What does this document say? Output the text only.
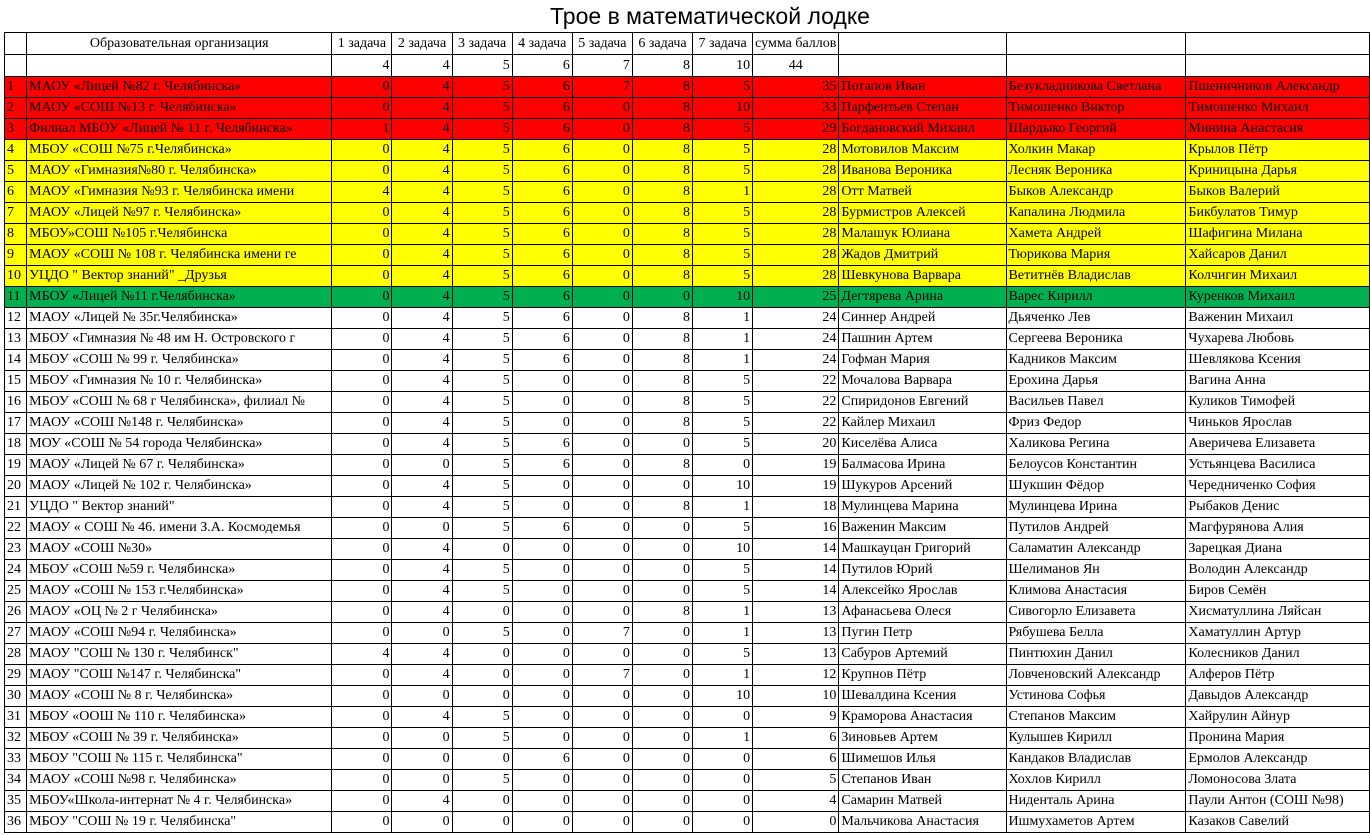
Трое в математической лодке
	Образовательная организация	1 задача	2 задача	3 задача	4 задача	5 задача	6 задача	7 задача	сумма баллов			
		4	4	5	6	7	8	10	44			
1	МАОУ «Лицей №82 г. Челябинска»	0	4	5	6	7	8	5	35	Потапов Иван	Безукладникова Светлана	Пшеничников Александр
2	МАОУ «СОШ №13 г. Челябинска»	0	4	5	6	0	8	10	33	Парфентьев Степан	Тимошенко Виктор	Тимошенко Михаил
3	Филиал МБОУ «Лицей № 11 г. Челябинска»	1	4	5	6	0	8	5	29	Богдановский Михаил	Шардыко Георгий	Минина Анастасия
4	МБОУ «СОШ №75 г.Челябинска»	0	4	5	6	0	8	5	28	Мотовилов Максим	Холкин Макар	Крылов Пётр
5	МАОУ «Гимназия№80 г. Челябинска»	0	4	5	6	0	8	5	28	Иванова Вероника	Лесняк Вероника	Криницына Дарья
6	МАОУ «Гимназия №93 г. Челябинска имени	4	4	5	6	0	8	1	28	Отт Матвей	Быков Александр	Быков Валерий
7	МАОУ «Лицей №97 г. Челябинска»	0	4	5	6	0	8	5	28	Бурмистров Алексей	Капалина Людмила	Бикбулатов Тимур
8	МБОУ»СОШ №105 г.Челябинска	0	4	5	6	0	8	5	28	Малашук Юлиана	Хамета Андрей	Шафигина Милана
9	МАОУ «СОШ № 108 г. Челябинска имени ге	0	4	5	6	0	8	5	28	Жадов Дмитрий	Тюрикова Мария	Хайсаров Данил
10	УЦДО " Вектор знаний" _Друзья	0	4	5	6	0	8	5	28	Шевкунова Варвара	Ветитнёв Владислав	Колчигин Михаил
11	МБОУ «Лицей №11 г.Челябинска»	0	4	5	6	0	0	10	25	Дегтярева Арина	Варес Кирилл	Куренков Михаил
12	МАОУ «Лицей № 35г.Челябинска»	0	4	5	6	0	8	1	24	Синнер Андрей	Дьяченко Лев	Важенин Михаил
13	МБОУ «Гимназия № 48 им Н. Островского г	0	4	5	6	0	8	1	24	Пашнин Артем	Сергеева Вероника	Чухарева Любовь
14	МБОУ «СОШ № 99 г. Челябинска»	0	4	5	6	0	8	1	24	Гофман Мария	Кадников Максим	Шевлякова Ксения
15	МБОУ «Гимназия № 10 г. Челябинска»	0	4	5	0	0	8	5	22	Мочалова Варвара	Ерохина Дарья	Вагина Анна
16	МБОУ «СОШ № 68 г Челябинска», филиал №	0	4	5	0	0	8	5	22	Спиридонов Евгений	Васильев Павел	Куликов Тимофей
17	МАОУ «СОШ №148 г. Челябинска»	0	4	5	0	0	8	5	22	Кайлер Михаил	Фриз Федор	Чиньков Ярослав
18	МОУ «СОШ № 54 города Челябинска»	0	4	5	6	0	0	5	20	Киселёва Алиса	Халикова Регина	Аверичева Елизавета
19	МАОУ «Лицей № 67 г. Челябинска»	0	0	5	6	0	8	0	19	Балмасова Ирина	Белоусов Константин	Устьянцева Василиса
20	МАОУ «Лицей № 102 г. Челябинска»	0	4	5	0	0	0	10	19	Шукуров Арсений	Шукшин Фёдор	Чередниченко София
21	УЦДО " Вектор знаний"	0	4	5	0	0	8	1	18	Мулинцева Марина	Мулинцева Ирина	Рыбаков Денис
22	МАОУ « СОШ № 46. имени З.А. Космодемья	0	0	5	6	0	0	5	16	Важенин Максим	Путилов Андрей	Магфурянова Алия
23	МАОУ «СОШ №30»	0	4	0	0	0	0	10	14	Машкауцан Григорий	Саламатин Александр	Зарецкая Диана
24	МБОУ «СОШ №59 г. Челябинска»	0	4	5	0	0	0	5	14	Путилов Юрий	Шелиманов Ян	Володин Александр
25	МАОУ «СОШ № 153 г.Челябинска»	0	4	5	0	0	0	5	14	Алексейко Ярослав	Климова Анастасия	Биров Семён
26	МАОУ «ОЦ № 2 г Челябинска»	0	4	0	0	0	8	1	13	Афанасьева Олеся	Сивогорло Елизавета	Хисматуллина Ляйсан
27	МАОУ «СОШ №94 г. Челябинска»	0	0	5	0	7	0	1	13	Пугин Петр	Рябушева Белла	Хаматуллин Артур
28	МАОУ "СОШ № 130 г. Челябинск"	4	4	0	0	0	0	5	13	Сабуров Артемий	Пинтюхин Данил	Колесников Данил
29	МАОУ "СОШ №147 г. Челябинска"	0	4	0	0	7	0	1	12	Крупнов Пётр	Ловченовский Александр	Алферов Пётр
30	МАОУ «СОШ № 8 г. Челябинска»	0	0	0	0	0	0	10	10	Шевалдина Ксения	Устинова Софья	Давыдов Александр
31	МБОУ «ООШ № 110 г. Челябинска»	0	4	5	0	0	0	0	9	Краморова Анастасия	Степанов Максим	Хайрулин Айнур
32	МБОУ «СОШ № 39 г. Челябинска»	0	0	5	0	0	0	1	6	Зиновьев Артем	Кулышев Кирилл	Пронина Мария
33	МБОУ "СОШ № 115 г. Челябинска"	0	0	0	6	0	0	0	6	Шимешов Илья	Кандаков Владислав	Ермолов Александр
34	МАОУ «СОШ №98 г. Челябинска»	0	0	5	0	0	0	0	5	Степанов Иван	Хохлов Кирилл	Ломоносова Злата
35	МБОУ«Школа-интернат № 4 г. Челябинска»	0	4	0	0	0	0	0	4	Самарин Матвей	Нидентaль Арина	Паули Антон (СОШ №98)
36	МБОУ "СОШ № 19 г. Челябинска"	0	0	0	0	0	0	0	0	Мальчикова Анастасия	Ишмухаметов Артем	Казаков Савелий
